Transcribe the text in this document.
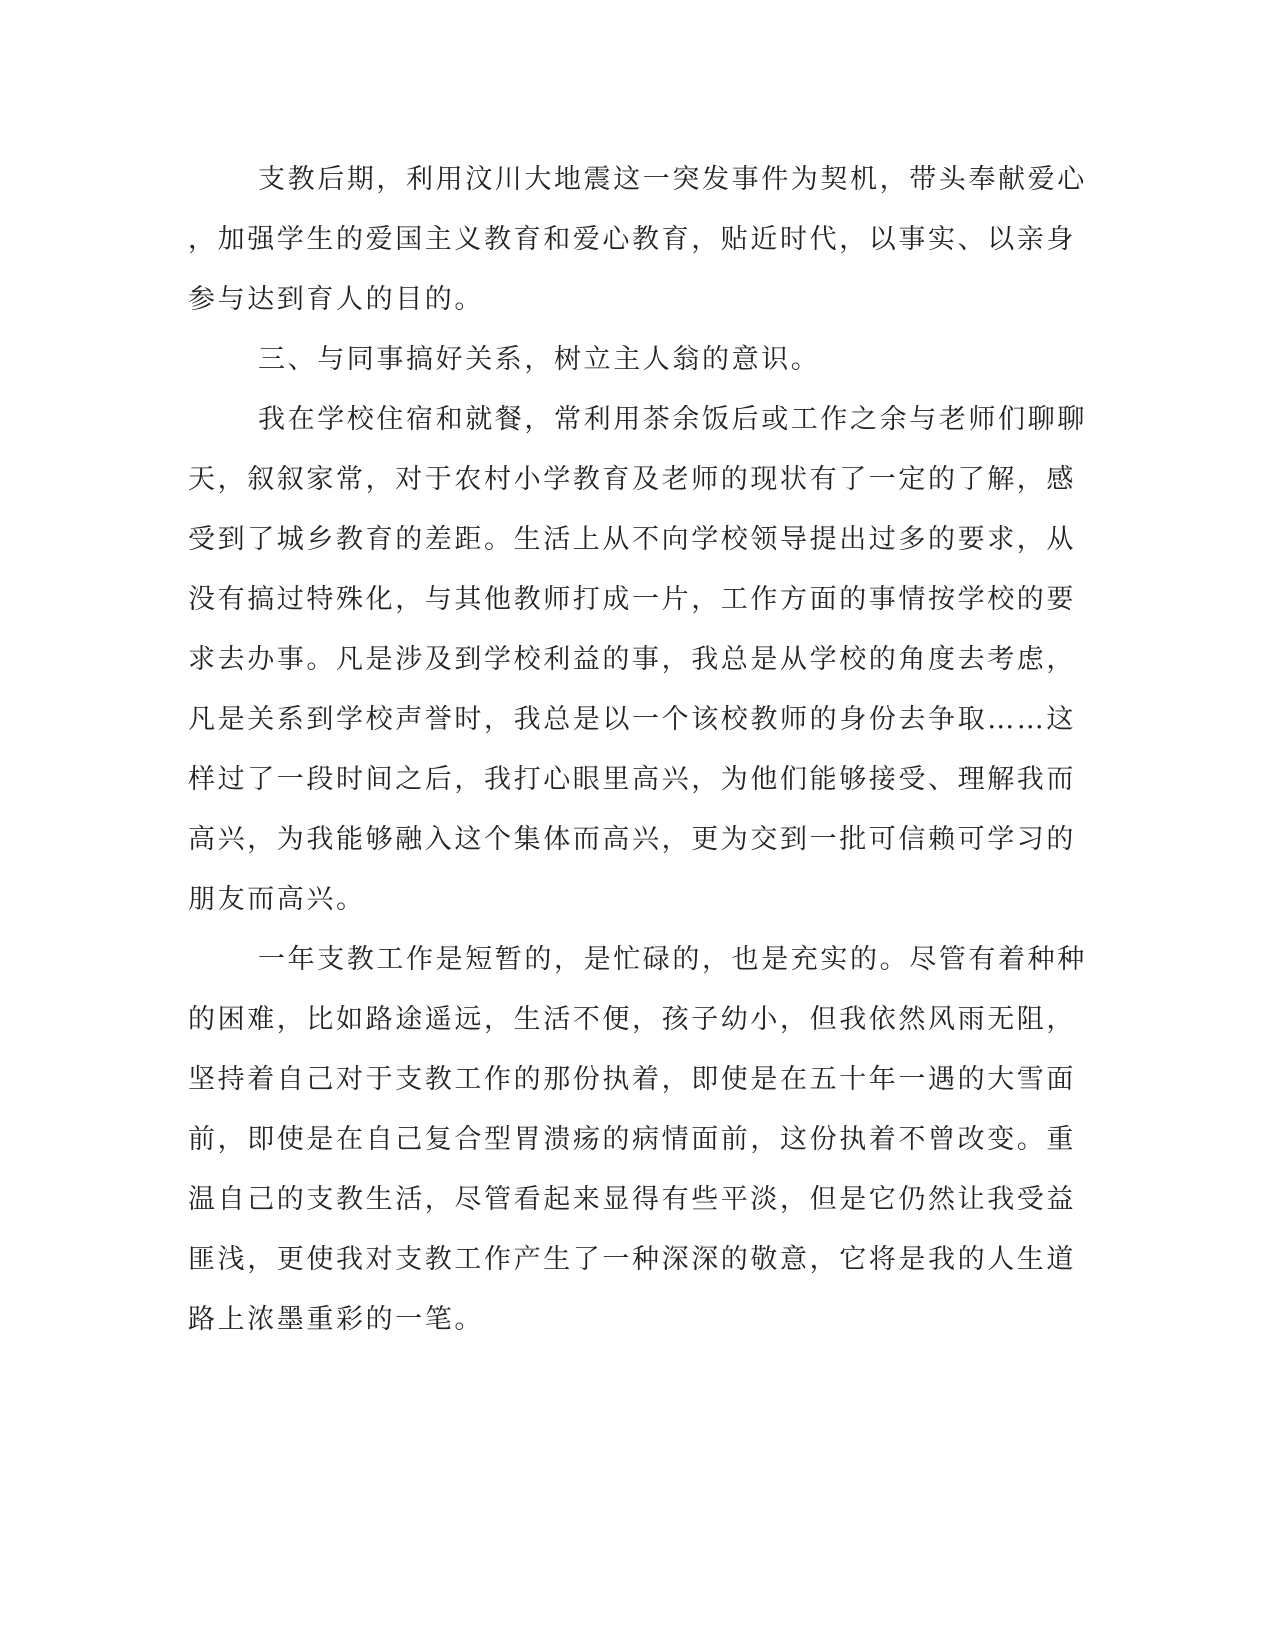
支教后期，利用汶川大地震这一突发事件为契机，带头奉献爱心
，加强学生的爱国主义教育和爱心教育，贴近时代，以事实、以亲身
参与达到育人的目的。
三、与同事搞好关系，树立主人翁的意识。
我在学校住宿和就餐，常利用茶余饭后或工作之余与老师们聊聊
天，叙叙家常，对于农村小学教育及老师的现状有了一定的了解，感
受到了城乡教育的差距。生活上从不向学校领导提出过多的要求，从
没有搞过特殊化，与其他教师打成一片，工作方面的事情按学校的要
求去办事。凡是涉及到学校利益的事，我总是从学校的角度去考虑，
凡是关系到学校声誉时，我总是以一个该校教师的身份去争取……这
样过了一段时间之后，我打心眼里高兴，为他们能够接受、理解我而
高兴，为我能够融入这个集体而高兴，更为交到一批可信赖可学习的
朋友而高兴。
一年支教工作是短暂的，是忙碌的，也是充实的。尽管有着种种
的困难，比如路途遥远，生活不便，孩子幼小，但我依然风雨无阻，
坚持着自己对于支教工作的那份执着，即使是在五十年一遇的大雪面
前，即使是在自己复合型胃溃疡的病情面前，这份执着不曾改变。重
温自己的支教生活，尽管看起来显得有些平淡，但是它仍然让我受益
匪浅，更使我对支教工作产生了一种深深的敬意，它将是我的人生道
路上浓墨重彩的一笔。
